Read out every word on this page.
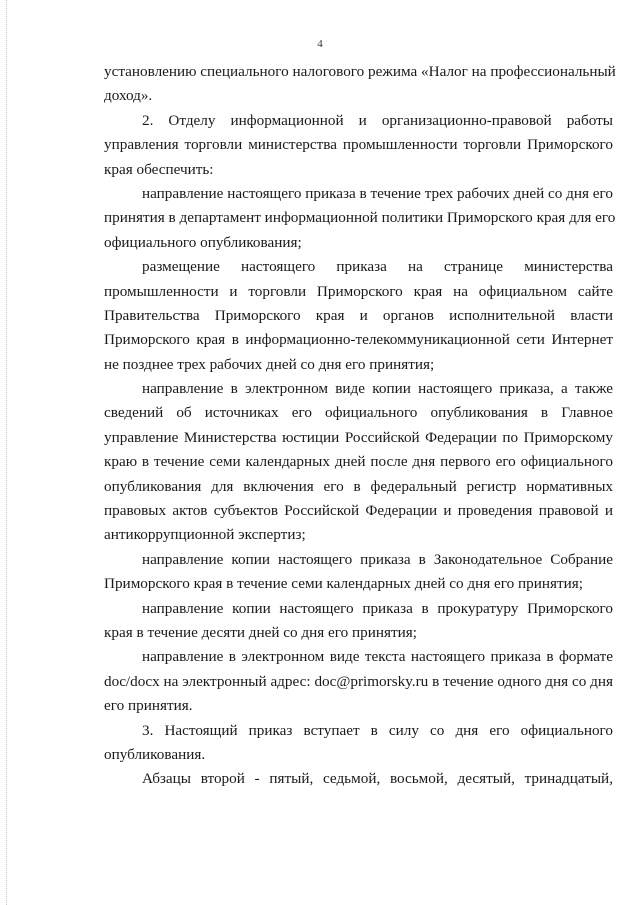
4
установлению специального налогового режима «Налог на профессиональный
доход».
2. Отделу информационной и организационно-правовой работы
управления торговли министерства промышленности торговли Приморского
края обеспечить:
направление настоящего приказа в течение трех рабочих дней со дня его
принятия в департамент информационной политики Приморского края для его
официального опубликования;
размещение настоящего приказа на странице министерства
промышленности и торговли Приморского края на официальном сайте
Правительства Приморского края и органов исполнительной власти
Приморского края в информационно-телекоммуникационной сети Интернет
не позднее трех рабочих дней со дня его принятия;
направление в электронном виде копии настоящего приказа, а также
сведений об источниках его официального опубликования в Главное
управление Министерства юстиции Российской Федерации по Приморскому
краю в течение семи календарных дней после дня первого его официального
опубликования для включения его в федеральный регистр нормативных
правовых актов субъектов Российской Федерации и проведения правовой и
антикоррупционной экспертиз;
направление копии настоящего приказа в Законодательное Собрание
Приморского края в течение семи календарных дней со дня его принятия;
направление копии настоящего приказа в прокуратуру Приморского
края в течение десяти дней со дня его принятия;
направление в электронном виде текста настоящего приказа в формате
doc/docx на электронный адрес: doc@primorsky.ru в течение одного дня со дня
его принятия.
3. Настоящий приказ вступает в силу со дня его официального
опубликования.
Абзацы второй - пятый, седьмой, восьмой, десятый, тринадцатый,
